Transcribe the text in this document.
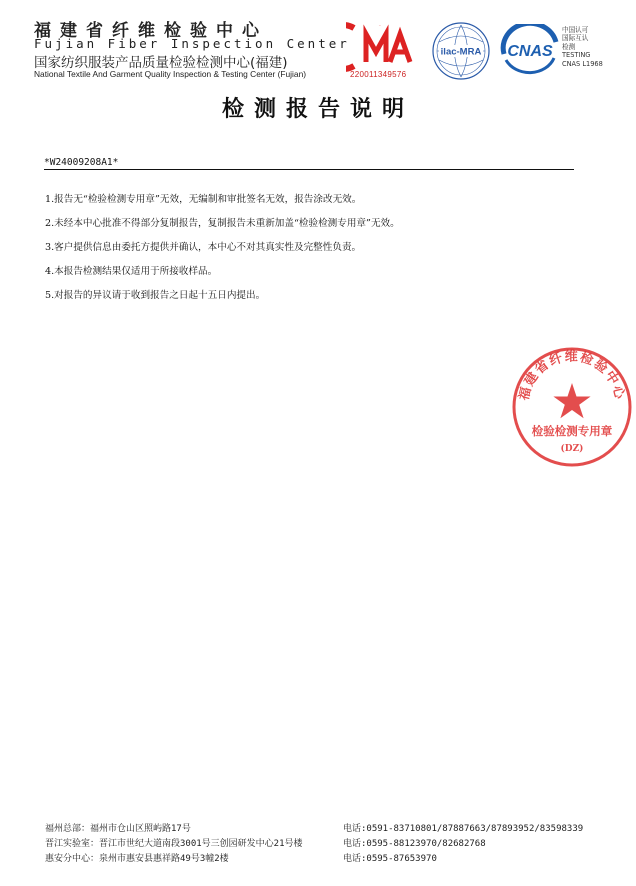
福建省纤维检验中心
Fujian Fiber Inspection Center
国家纺织服装产品质量检验检测中心(福建)
National Textile And Garment Quality Inspection & Testing Center (Fujian)
CMA
220011349576
ilac-MRA CNAS
中国认可
国际互认
检测
TESTING
CNAS L1968
检测报告说明
*W24009208A1*
1.报告无“检验检测专用章”无效，无编制和审批签名无效，报告涂改无效。
2.未经本中心批准不得部分复制报告，复制报告未重新加盖“检验检测专用章”无效。
3.客户提供信息由委托方提供并确认，本中心不对其真实性及完整性负责。
4.本报告检测结果仅适用于所接收样品。
5.对报告的异议请于收到报告之日起十五日内提出。
福建省纤维检验中心
检验检测专用章
(DZ)
福州总部：福州市仓山区照屿路17号	电话:0591-83710801/87887663/87893952/83598339
晋江实验室：晋江市世纪大道南段3001号三创园研发中心21号楼	电话:0595-88123970/82682768
惠安分中心：泉州市惠安县惠祥路49号3幢2楼	电话:0595-87653970
